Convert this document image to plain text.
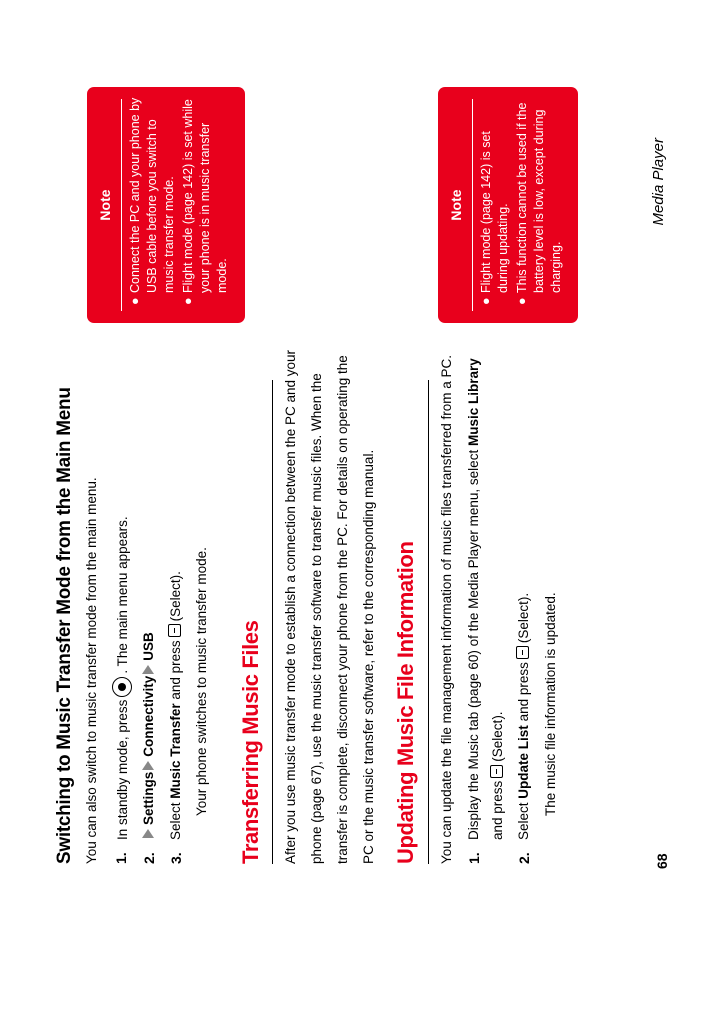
Switching to Music Transfer Mode from the Main Menu You can also switch to music transfer mode from the main menu. 1.
In standby mode, press. The main menu appears.
2.
SettingsConnectivityUSB
3.
Select Music Transfer and press(Select). Your phone switches to music transfer mode. Transferring Music Files After you use music transfer mode to establish a connection between the PC and your phone (page 67), use the music transfer software to transfer music files. When the transfer is complete, disconnect your phone from the PC. For details on operating the PC or the music transfer software, refer to the corresponding manual. Updating Music File Information You can update the file management information of music files transferred from a PC. 1.
Display the Music tab (page 60) of the Media Player menu, select Music Library
and press(Select).
2.
Select Update List and press(Select). The music file information is updated.
Note
●
Connect the PC and your phone by USB cable before you switch to music transfer mode.
●
Flight mode (page 142) is set while your phone is in music transfer mode.
Note
●
Flight mode (page 142) is set during updating.
●
This function cannot be used if the battery level is low, except during charging.
68
Media Player
